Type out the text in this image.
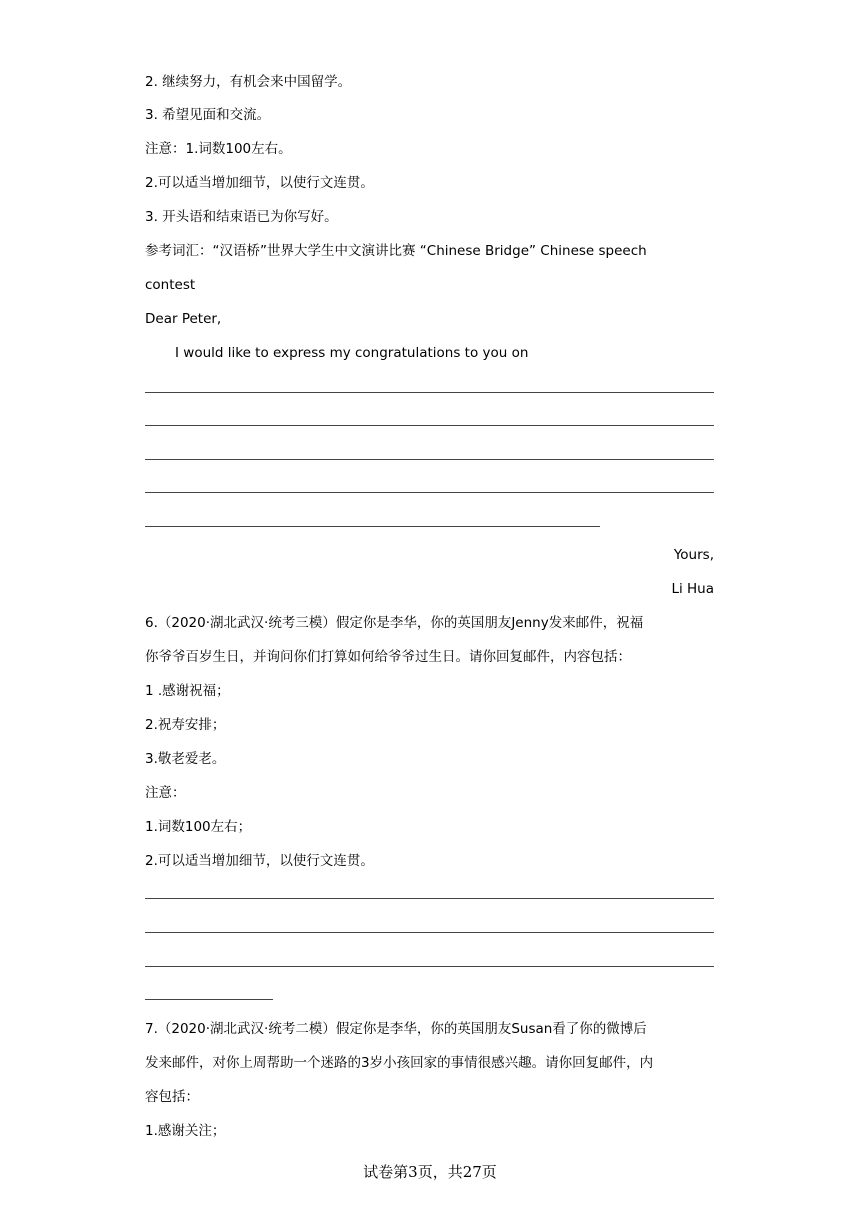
2. 继续努力，有机会来中国留学。
3. 希望见面和交流。
注意：1.词数100左右。
2.可以适当增加细节，以使行文连贯。
3. 开头语和结束语已为你写好。
参考词汇：“汉语桥”世界大学生中文演讲比赛 “Chinese Bridge” Chinese speech
contest
Dear Peter,
I would like to express my congratulations to you on
Yours,
Li Hua
6.（2020·湖北武汉·统考三模）假定你是李华，你的英国朋友Jenny发来邮件，祝福
你爷爷百岁生日，并询问你们打算如何给爷爷过生日。请你回复邮件，内容包括：
1 .感谢祝福；
2.祝寿安排；
3.敬老爱老。
注意：
1.词数100左右；
2.可以适当增加细节，以使行文连贯。
7.（2020·湖北武汉·统考二模）假定你是李华，你的英国朋友Susan看了你的微博后
发来邮件，对你上周帮助一个迷路的3岁小孩回家的事情很感兴趣。请你回复邮件，内
容包括：
1.感谢关注；
试卷第3页，共27页
